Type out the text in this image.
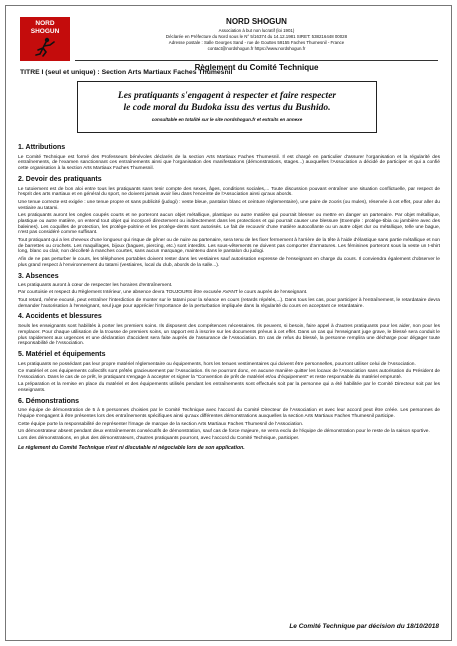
NORD
SHOGUN
NORD SHOGUN
Association à but non lucratif (loi 1901)
Déclarée en Préfecture du Nord sous le N° 5/16374 du 14.12.1981 SIRET: 538216448 00028
Adresse postale : Salle Georges Sand - rue de Gouttes 59155 Faches Thumesnil - France
contact@nordshogun.fr https://www.nordshogun.fr
Règlement du Comité Technique
TITRE I (seul et unique) : Section Arts Martiaux Faches Thumesnil
Les pratiquants s'engagent à respecter et faire respecter
le code moral du Budoka issu des vertus du Bushido.
consultable en totalité sur le site nordshogun.fr et extraits en annexe
1. Attributions

Le Comité Technique est formé des Professeurs bénévoles déclarés de la section Arts Martiaux Faches Thumesnil. Il est chargé en particulier d'assurer l'organisation et la régularité des entraînements, de l'examen sanctionnant ces entraînements ainsi que l'organisation des manifestations (démonstrations, stages...) auxquelles l'Association a décidé de participer et qui a confié cette organisation à la section Arts Martiaux Faches Thumesnil.

2. Devoir des pratiquants

Le tutoiement est de bon aloi entre tous les pratiquants sans tenir compte des sexes, âges, conditions sociales,... Toute discussion pouvant entraîner une situation conflictuelle, par respect de l'esprit des arts martiaux et en général du sport, ne doivent jamais avoir lieu dans l'enceinte de l'Association ainsi qu'aux abords.

Une tenue correcte est exigée : une tenue propre et sans publicité (judogi) : veste bleue, pantalon blanc et ceinture réglementaire), une paire de zooris (ou mules), réservée à cet effet, pour aller du vestiaire au tatami.

Les pratiquants auront les ongles coupés courts et ne porteront aucun objet métallique, plastique ou autre matière qui pourrait blesser ou mettre en danger un partenaire. Par objet métallique, plastique ou autre matière, on entend tout objet qui incorporé directement ou indirectement dans les protections et qui pourrait causer une blessure (Exemple : protège-tibia ou jambière avec des baleines). Les coquilles de protection, les protège-poitrine et les protège-dents sont autorisés. Le fait de recouvrir d'une matière autocollante ou un autre objet dur ou métallique, telle une bague, n'est pas considéré comme suffisant.

Tout pratiquant qui a les cheveux d'une longueur qui risque de gêner ou de nuire au partenaire, sera tenu de les fixer fermement à l'arrière de la tête à l'aide d'élastique sans partie métallique et non de barrettes ou crochets. Les maquillages, bijoux (bagues, piercing, etc.) sont interdits. Les sous-vêtements ne doivent pas comporter d'armatures. Les féminines porteront sous la veste un t-shirt long, blanc ou clair, non décolleté à manches courtes, sans aucun marquage, maintenu dans le pantalon du judogi.

Afin de ne pas perturber le cours, les téléphones portables doivent rester dans les vestiaires sauf autorisation expresse de l'enseignant en charge du cours. Il conviendra également d'observer le plus grand respect à l'environnement du tatami (vestiaires, local du club, abords de la salle...).

3. Absences

Les pratiquants auront à cœur de respecter les horaires d'entraînement.

Par courtoisie et respect du Règlement Intérieur, une absence devra TOUJOURS être excusée AVANT le cours auprès de l'enseignant.

Tout retard, même excusé, peut entraîner l'interdiction de monter sur le tatami pour la séance en cours (retards répétés,...). Dans tous les cas, pour participer à l'entraînement, le retardataire devra demander l'autorisation à l'enseignant, seul juge pour apprécier l'importance de la perturbation impliquée dans la régularité du cours en acceptant ce retardataire.

4. Accidents et blessures

Seuls les enseignants sont habilités à porter les premiers soins. Ils disposent des compétences nécessaires. Ils peuvent, si besoin, faire appel à d'autres pratiquants pour les aider, non pour les remplacer. Pour chaque utilisation de la trousse de premiers soins, un rapport est à inscrire sur les documents prévus à cet effet. Dans un cas qui l'enseignant juge grave, le blessé sera conduit le plus rapidement aux urgences et une déclaration d'accident sera faite auprès de l'assurance de l'Association. En cas de refus du blessé, la personne remplira une décharge pour dégager toute responsabilité de l'Association.

5. Matériel et équipements

Les pratiquants ne possédant pas leur propre matériel réglementaire ou équipements, hors les tenues vestimentaires qui doivent être personnelles, pourront utiliser celui de l'Association.

Ce matériel et ces équipements collectifs sont prêtés gracieusement par l'Association. Ils ne pourront donc, en aucune manière quitter les locaux de l'Association sans autorisation du Président de l'Association. Dans le cas de ce prêt, le pratiquant s'engage à accepter et signer la "Convention de prêt de matériel et/ou d'équipement" et reste responsable du matériel emprunté.

La préparation et la remise en place du matériel et des équipements utilisés pendant les entraînements sont effectués soit par la personne qui a été habilitée par le Comité Directeur soit par les enseignants.

6. Démonstrations

Une équipe de démonstration de 5 à 6 personnes choisies par le Comité Technique avec l'accord du Comité Directeur de l'Association et avec leur accord peut être créée. Les personnes de l'équipe s'engagent à être présentes lors des entraînements spécifiques ainsi qu'aux différentes démonstrations auxquelles la section Arts Martiaux Faches Thumesnil participe.

Cette équipe porte la responsabilité de représenter l'image de marque de la section Arts Martiaux Faches Thumesnil de l'Association.

Un démonstrateur absent pendant deux entraînements consécutifs de démonstration, sauf cas de force majeure, se verra exclu de l'équipe de démonstration pour le reste de la saison sportive.

Lors des démonstrations, en plus des démonstrateurs, d'autres pratiquants pourront, avec l'accord du Comité Technique, participer.

Le règlement du Comité Technique n'est ni discutable ni négociable lors de son application.
Le Comité Technique par décision du 18/10/2018
